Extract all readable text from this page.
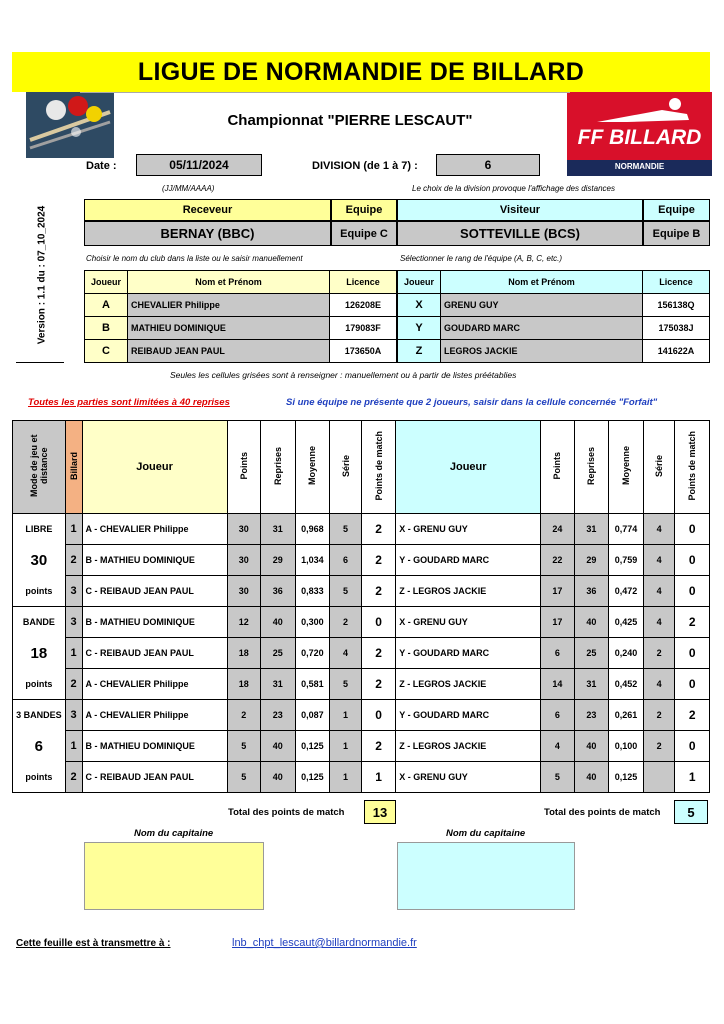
LIGUE DE NORMANDIE DE BILLARD
FF BILLARD
NORMANDIE
Championnat "PIERRE LESCAUT"
Date :	05/11/2024
(JJ/MM/AAAA)
DIVISION (de 1 à 7) :	6
Le choix de la division provoque l'affichage des distances
Version : 1.1 du : 07_10_2024	Receveur	Equipe	Visiteur	Equipe
BERNAY (BBC)	Equipe C	SOTTEVILLE (BCS)	Equipe B
Choisir le nom du club dans la liste ou le saisir manuellement	Sélectionner le rang de l'équipe (A, B, C, etc.)
Joueur	Nom et Prénom	Licence
A	CHEVALIER Philippe	126208E
B	MATHIEU DOMINIQUE	179083F
C	REIBAUD JEAN PAUL	173650A
Joueur	Nom et Prénom	Licence
X	GRENU GUY	156138Q
Y	GOUDARD MARC	175038J
Z	LEGROS JACKIE	141622A
Seules les cellules grisées sont à renseigner : manuellement ou à partir de listes préétablies
Toutes les parties sont limitées à 40 reprises	Si une équipe ne présente que 2 joueurs, saisir dans la cellule concernée "Forfait"
Mode de jeu et distance	Billard	Joueur	Points	Reprises	Moyenne	Série	Points de match	Joueur	Points	Reprises	Moyenne	Série	Points de match
LIBRE	1	A - CHEVALIER Philippe	30	31	0,968	5	2	X - GRENU GUY	24	31	0,774	4	0
30	2	B - MATHIEU DOMINIQUE	30	29	1,034	6	2	Y - GOUDARD MARC	22	29	0,759	4	0
points	3	C - REIBAUD JEAN PAUL	30	36	0,833	5	2	Z - LEGROS JACKIE	17	36	0,472	4	0
BANDE	3	B - MATHIEU DOMINIQUE	12	40	0,300	2	0	X - GRENU GUY	17	40	0,425	4	2
18	1	C - REIBAUD JEAN PAUL	18	25	0,720	4	2	Y - GOUDARD MARC	6	25	0,240	2	0
points	2	A - CHEVALIER Philippe	18	31	0,581	5	2	Z - LEGROS JACKIE	14	31	0,452	4	0
3 BANDES	3	A - CHEVALIER Philippe	2	23	0,087	1	0	Y - GOUDARD MARC	6	23	0,261	2	2
6	1	B - MATHIEU DOMINIQUE	5	40	0,125	1	2	Z - LEGROS JACKIE	4	40	0,100	2	0
points	2	C - REIBAUD JEAN PAUL	5	40	0,125	1	1	X - GRENU GUY	5	40	0,125		1
Total des points de match	13	Total des points de match	5
Nom du capitaine	Nom du capitaine
Cette feuille est à transmettre à :	lnb_chpt_lescaut@billardnormandie.fr
